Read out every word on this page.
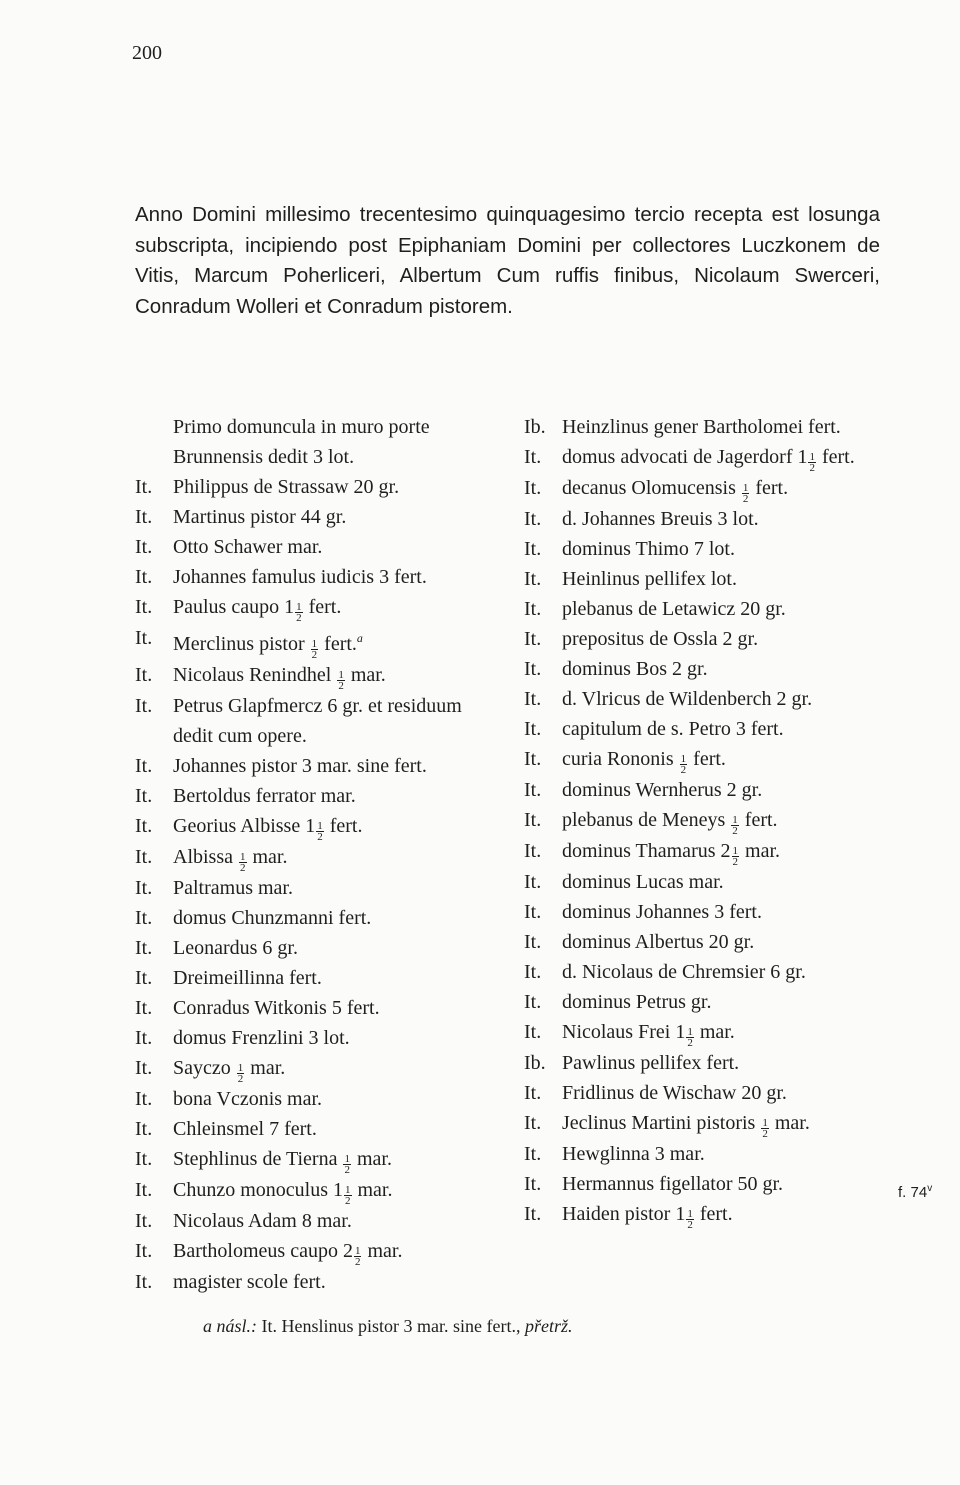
200

Anno Domini millesimo trecentesimo quinquagesimo tercio recepta est losunga subscripta, incipiendo post Epiphaniam Domini per collectores Luczkonem de Vitis, Marcum Poherliceri, Albertum Cum ruffis finibus, Nicolaum Swerceri, Conradum Wolleri et Conradum pistorem.

Primo domuncula in muro porte Brunnensis dedit 3 lot.
It.	Philippus de Strassaw 20 gr.
It.	Martinus pistor 44 gr.
It.	Otto Schawer mar.
It.	Johannes famulus iudicis 3 fert.
It.	Paulus caupo $1 \frac{1}{2}$ fert.
It.	Merclinus pistor $\frac{1}{2}$ fert.$^a$
It.	Nicolaus Renindhel $\frac{1}{2}$ mar.
It.	Petrus Glapfmercz 6 gr. et residuum dedit cum opere.
It.	Johannes pistor 3 mar. sine fert.
It.	Bertoldus ferrator mar.
It.	Georius Albisse $1 \frac{1}{2}$ fert.
It.	Albissa $\frac{1}{2}$ mar.
It.	Paltramus mar.
It.	domus Chunzmanni fert.
It.	Leonardus 6 gr.
It.	Dreimeillinna fert.
It.	Conradus Witkonis 5 fert.
It.	domus Frenzlini 3 lot.
It.	Sayczo $\frac{1}{2}$ mar.
It.	bona Vczonis mar.
It.	Chleinsmel 7 fert.
It.	Stephlinus de Tierna $\frac{1}{2}$ mar.
It.	Chunzo monoculus $1 \frac{1}{2}$ mar.
It.	Nicolaus Adam 8 mar.
It.	Bartholomeus caupo $2 \frac{1}{2}$ mar.
It.	magister scole fert.
Ib. Heinzlinus gener Bartholomei fert.
It.	domus advocati de Jagerdorf $1 \frac{1}{2}$ fert.
It.	decanus Olomucensis $\frac{1}{2}$ fert.
It.	d. Johannes Breuis 3 lot.
It.	dominus Thimo 7 lot.
It.	Heinlinus pellifex lot.
It.	plebanus de Letawicz 20 gr.
It.	prepositus de Ossla 2 gr.
It.	dominus Bos 2 gr.
It.	d. Vlricus de Wildenberch 2 gr.
It.	capitulum de s. Petro 3 fert.
It.	curia Rononis $\frac{1}{2}$ fert.
It.	dominus Wernherus 2 gr.
It.	plebanus de Meneys $\frac{1}{2}$ fert.
It.	dominus Thamarus $2 \frac{1}{2}$ mar.
It.	dominus Lucas mar.
It.	dominus Johannes 3 fert.
It.	dominus Albertus 20 gr.
It.	d. Nicolaus de Chremsier 6 gr.
It.	dominus Petrus gr.
It.	Nicolaus Frei $1 \frac{1}{2}$ mar.
Ib. Pawlinus pellifex fert.
It.	Fridlinus de Wischaw 20 gr.
It.	Jeclinus Martini pistoris $\frac{1}{2}$ mar.
It.	Hewglinna 3 mar.
It.	Hermannus figellator 50 gr.
It.	Haiden pistor $1 \frac{1}{2}$ fert.
f. 74$^v$
a násl.: It. Henslinus pistor 3 mar. sine fert., přetrž.
